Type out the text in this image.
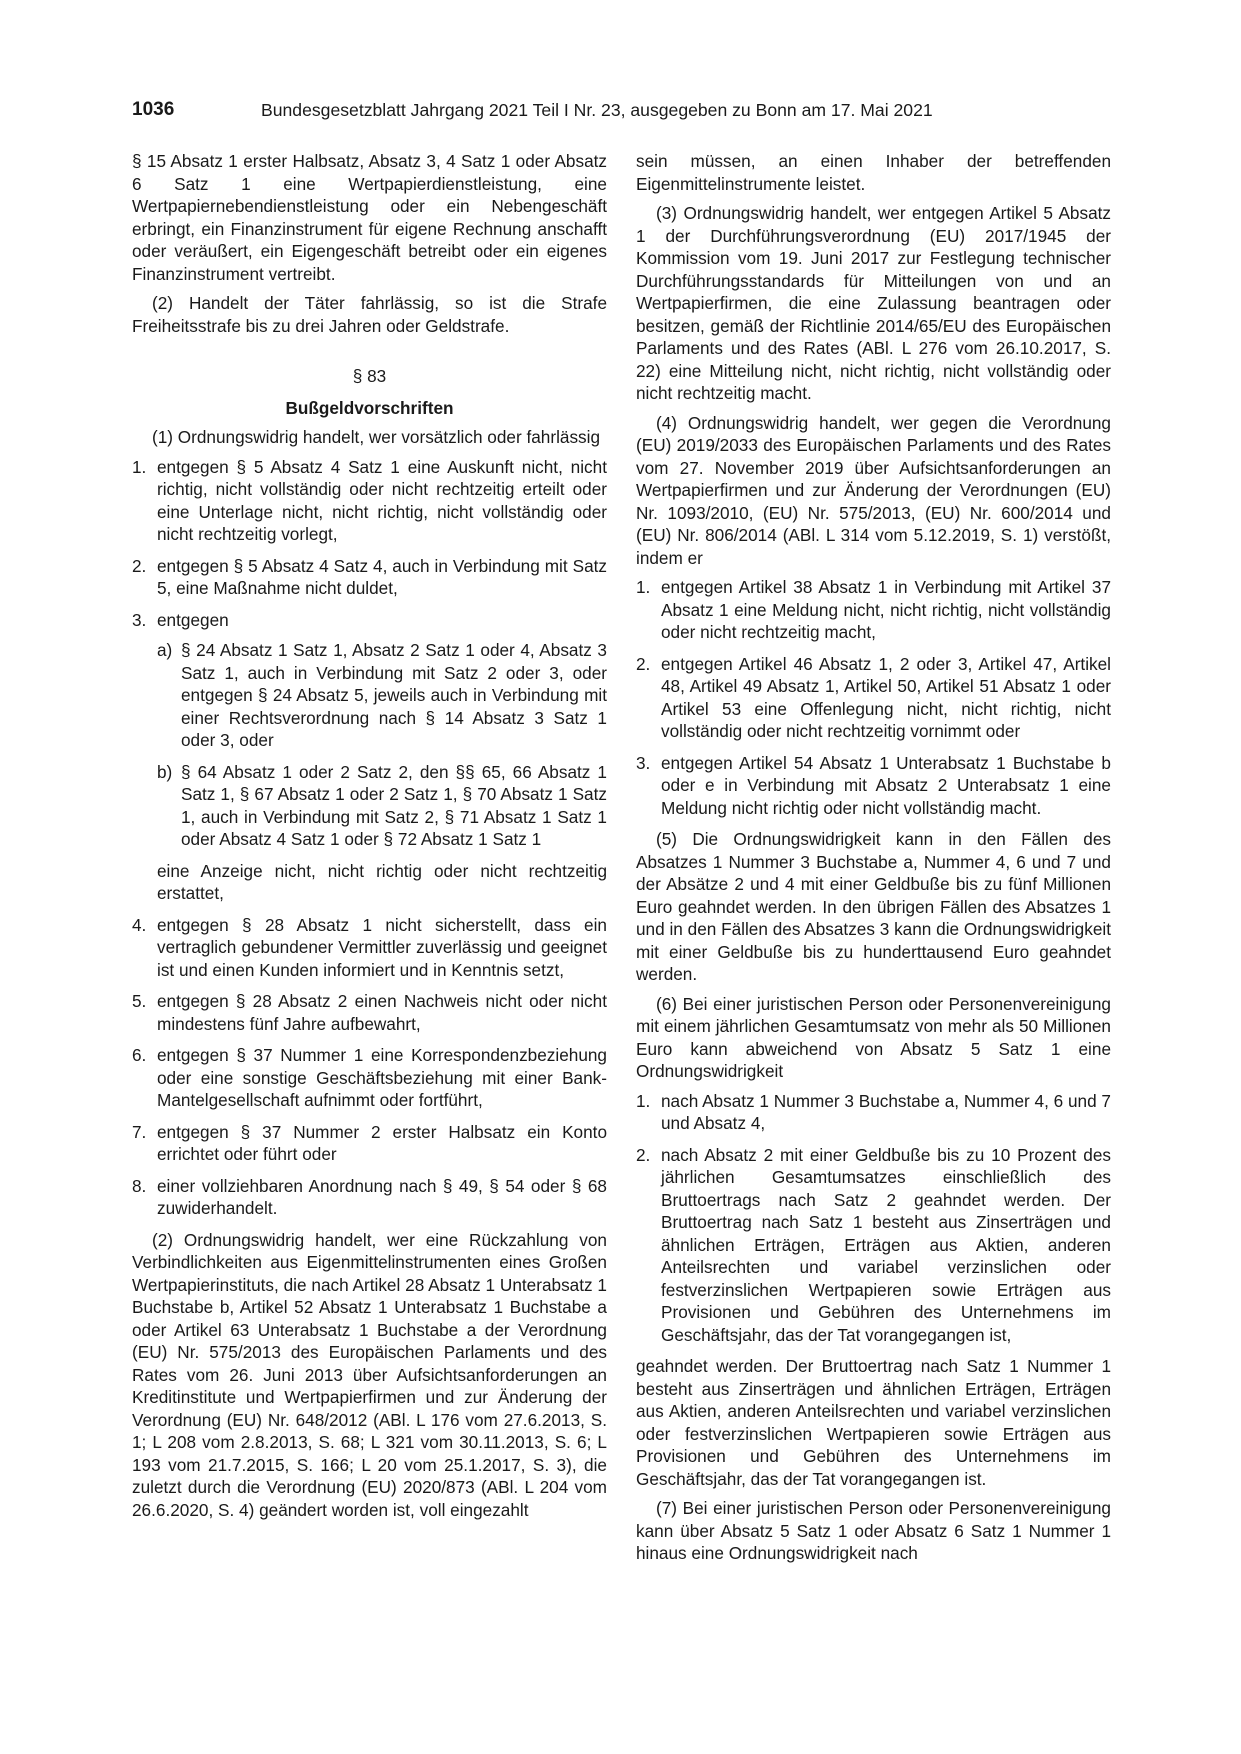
1036	Bundesgesetzblatt Jahrgang 2021 Teil I Nr. 23, ausgegeben zu Bonn am 17. Mai 2021

§ 15 Absatz 1 erster Halbsatz, Absatz 3, 4 Satz 1 oder Absatz 6 Satz 1 eine Wertpapierdienstleistung, eine Wertpapiernebendienstleistung oder ein Nebengeschäft erbringt, ein Finanzinstrument für eigene Rechnung anschafft oder veräußert, ein Eigengeschäft betreibt oder ein eigenes Finanzinstrument vertreibt.

(2) Handelt der Täter fahrlässig, so ist die Strafe Freiheitsstrafe bis zu drei Jahren oder Geldstrafe.

§ 83

Bußgeldvorschriften

(1) Ordnungswidrig handelt, wer vorsätzlich oder fahrlässig

1. entgegen § 5 Absatz 4 Satz 1 eine Auskunft nicht, nicht richtig, nicht vollständig oder nicht rechtzeitig erteilt oder eine Unterlage nicht, nicht richtig, nicht vollständig oder nicht rechtzeitig vorlegt,
2. entgegen § 5 Absatz 4 Satz 4, auch in Verbindung mit Satz 5, eine Maßnahme nicht duldet,
3. entgegen
a) § 24 Absatz 1 Satz 1, Absatz 2 Satz 1 oder 4, Absatz 3 Satz 1, auch in Verbindung mit Satz 2 oder 3, oder entgegen § 24 Absatz 5, jeweils auch in Verbindung mit einer Rechtsverordnung nach § 14 Absatz 3 Satz 1 oder 3, oder
b) § 64 Absatz 1 oder 2 Satz 2, den §§ 65, 66 Absatz 1 Satz 1, § 67 Absatz 1 oder 2 Satz 1, § 70 Absatz 1 Satz 1, auch in Verbindung mit Satz 2, § 71 Absatz 1 Satz 1 oder Absatz 4 Satz 1 oder § 72 Absatz 1 Satz 1
eine Anzeige nicht, nicht richtig oder nicht rechtzeitig erstattet,
4. entgegen § 28 Absatz 1 nicht sicherstellt, dass ein vertraglich gebundener Vermittler zuverlässig und geeignet ist und einen Kunden informiert und in Kenntnis setzt,
5. entgegen § 28 Absatz 2 einen Nachweis nicht oder nicht mindestens fünf Jahre aufbewahrt,
6. entgegen § 37 Nummer 1 eine Korrespondenzbeziehung oder eine sonstige Geschäftsbeziehung mit einer Bank-Mantelgesellschaft aufnimmt oder fortführt,
7. entgegen § 37 Nummer 2 erster Halbsatz ein Konto errichtet oder führt oder
8. einer vollziehbaren Anordnung nach § 49, § 54 oder § 68 zuwiderhandelt.

(2) Ordnungswidrig handelt, wer eine Rückzahlung von Verbindlichkeiten aus Eigenmittelinstrumenten eines Großen Wertpapierinstituts, die nach Artikel 28 Absatz 1 Unterabsatz 1 Buchstabe b, Artikel 52 Absatz 1 Unterabsatz 1 Buchstabe a oder Artikel 63 Unterabsatz 1 Buchstabe a der Verordnung (EU) Nr. 575/2013 des Europäischen Parlaments und des Rates vom 26. Juni 2013 über Aufsichtsanforderungen an Kreditinstitute und Wertpapierfirmen und zur Änderung der Verordnung (EU) Nr. 648/2012 (ABl. L 176 vom 27.6.2013, S. 1; L 208 vom 2.8.2013, S. 68; L 321 vom 30.11.2013, S. 6; L 193 vom 21.7.2015, S. 166; L 20 vom 25.1.2017, S. 3), die zuletzt durch die Verordnung (EU) 2020/873 (ABl. L 204 vom 26.6.2020, S. 4) geändert worden ist, voll eingezahlt

sein müssen, an einen Inhaber der betreffenden Eigenmittelinstrumente leistet.

(3) Ordnungswidrig handelt, wer entgegen Artikel 5 Absatz 1 der Durchführungsverordnung (EU) 2017/1945 der Kommission vom 19. Juni 2017 zur Festlegung technischer Durchführungsstandards für Mitteilungen von und an Wertpapierfirmen, die eine Zulassung beantragen oder besitzen, gemäß der Richtlinie 2014/65/EU des Europäischen Parlaments und des Rates (ABl. L 276 vom 26.10.2017, S. 22) eine Mitteilung nicht, nicht richtig, nicht vollständig oder nicht rechtzeitig macht.

(4) Ordnungswidrig handelt, wer gegen die Verordnung (EU) 2019/2033 des Europäischen Parlaments und des Rates vom 27. November 2019 über Aufsichtsanforderungen an Wertpapierfirmen und zur Änderung der Verordnungen (EU) Nr. 1093/2010, (EU) Nr. 575/2013, (EU) Nr. 600/2014 und (EU) Nr. 806/2014 (ABl. L 314 vom 5.12.2019, S. 1) verstößt, indem er

1. entgegen Artikel 38 Absatz 1 in Verbindung mit Artikel 37 Absatz 1 eine Meldung nicht, nicht richtig, nicht vollständig oder nicht rechtzeitig macht,
2. entgegen Artikel 46 Absatz 1, 2 oder 3, Artikel 47, Artikel 48, Artikel 49 Absatz 1, Artikel 50, Artikel 51 Absatz 1 oder Artikel 53 eine Offenlegung nicht, nicht richtig, nicht vollständig oder nicht rechtzeitig vornimmt oder
3. entgegen Artikel 54 Absatz 1 Unterabsatz 1 Buchstabe b oder e in Verbindung mit Absatz 2 Unterabsatz 1 eine Meldung nicht richtig oder nicht vollständig macht.

(5) Die Ordnungswidrigkeit kann in den Fällen des Absatzes 1 Nummer 3 Buchstabe a, Nummer 4, 6 und 7 und der Absätze 2 und 4 mit einer Geldbuße bis zu fünf Millionen Euro geahndet werden. In den übrigen Fällen des Absatzes 1 und in den Fällen des Absatzes 3 kann die Ordnungswidrigkeit mit einer Geldbuße bis zu hunderttausend Euro geahndet werden.

(6) Bei einer juristischen Person oder Personenvereinigung mit einem jährlichen Gesamtumsatz von mehr als 50 Millionen Euro kann abweichend von Absatz 5 Satz 1 eine Ordnungswidrigkeit

1. nach Absatz 1 Nummer 3 Buchstabe a, Nummer 4, 6 und 7 und Absatz 4,
2. nach Absatz 2 mit einer Geldbuße bis zu 10 Prozent des jährlichen Gesamtumsatzes einschließlich des Bruttoertrags nach Satz 2 geahndet werden. Der Bruttoertrag nach Satz 1 besteht aus Zinserträgen und ähnlichen Erträgen, Erträgen aus Aktien, anderen Anteilsrechten und variabel verzinslichen oder festverzinslichen Wertpapieren sowie Erträgen aus Provisionen und Gebühren des Unternehmens im Geschäftsjahr, das der Tat vorangegangen ist,

geahndet werden. Der Bruttoertrag nach Satz 1 Nummer 1 besteht aus Zinserträgen und ähnlichen Erträgen, Erträgen aus Aktien, anderen Anteilsrechten und variabel verzinslichen oder festverzinslichen Wertpapieren sowie Erträgen aus Provisionen und Gebühren des Unternehmens im Geschäftsjahr, das der Tat vorangegangen ist.

(7) Bei einer juristischen Person oder Personenvereinigung kann über Absatz 5 Satz 1 oder Absatz 6 Satz 1 Nummer 1 hinaus eine Ordnungswidrigkeit nach
